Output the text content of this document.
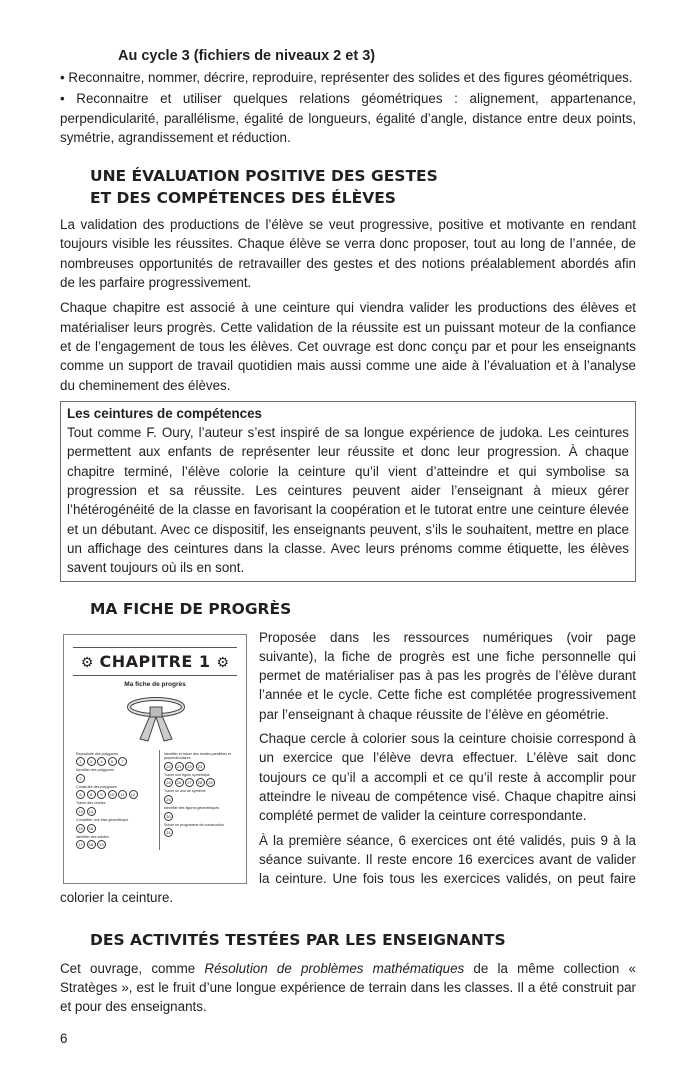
Au cycle 3 (fichiers de niveaux 2 et 3)

• Reconnaitre, nommer, décrire, reproduire, représenter des solides et des figures géométriques.

• Reconnaitre et utiliser quelques relations géométriques : alignement, appartenance, perpendicularité, parallélisme, égalité de longueurs, égalité d’angle, distance entre deux points, symétrie, agrandissement et réduction.

UNE ÉVALUATION POSITIVE DES GESTES
ET DES COMPÉTENCES DES ÉLÈVES

La validation des productions de l’élève se veut progressive, positive et motivante en rendant toujours visible les réussites. Chaque élève se verra donc proposer, tout au long de l’année, de nombreuses opportunités de retravailler des gestes et des notions préalablement abordés afin de les parfaire progressivement.

Chaque chapitre est associé à une ceinture qui viendra valider les productions des élèves et matérialiser leurs progrès. Cette validation de la réussite est un puissant moteur de la confiance et de l’engagement de tous les élèves. Cet ouvrage est donc conçu par et pour les enseignants comme un support de travail quotidien mais aussi comme une aide à l’évaluation et à l’analyse du cheminement des élèves.

Les ceintures de compétences

Tout comme F. Oury, l’auteur s’est inspiré de sa longue expérience de judoka. Les ceintures permettent aux enfants de représenter leur réussite et donc leur progression. À chaque chapitre terminé, l’élève colorie la ceinture qu’il vient d’atteindre et qui symbolise sa progression et sa réussite. Les ceintures peuvent aider l’enseignant à mieux gérer l’hétérogénéité de la classe en favorisant la coopération et le tutorat entre une ceinture élevée et un débutant. Avec ce dispositif, les enseignants peuvent, s’ils le souhaitent, mettre en place un affichage des ceintures dans la classe. Avec leurs prénoms comme étiquette, les élèves savent toujours où ils en sont.

MA FICHE DE PROGRÈS
⚙ CHAPITRE 1 ⚙
Ma fiche de progrès
Reproduire des polygones
1	3	4	5	7
Identifier des polygones
2
Construire des polygones
6	8	9	10	11	12
Tracer des cercles
13	14
Compléter une frise géométrique
15	16
Identifier des solides
17	18	19
Identifier et tracer des droites parallèles et perpendiculaires
20	21	22	23
Tracer une figure symétrique
24	25	27	28	29
Tracer un axe de symétrie
26
Identifier des figures géométriques
30
Suivre un programme de construction
31

Proposée dans les ressources numériques (voir page suivante), la fiche de progrès est une fiche personnelle qui permet de matérialiser pas à pas les progrès de l’élève durant l’année et le cycle. Cette fiche est complétée progressivement par l’enseignant à chaque réussite de l’élève en géométrie.

Chaque cercle à colorier sous la ceinture choisie correspond à un exercice que l’élève devra effectuer. L’élève sait donc toujours ce qu’il a accompli et ce qu’il reste à accomplir pour atteindre le niveau de compétence visé. Chaque chapitre ainsi complété permet de valider la ceinture correspondante.

À la première séance, 6 exercices ont été validés, puis 9 à la séance suivante. Il reste encore 16 exercices avant de valider la ceinture. Une fois tous les exercices validés, on peut faire colorier la ceinture.

DES ACTIVITÉS TESTÉES PAR LES ENSEIGNANTS

Cet ouvrage, comme Résolution de problèmes mathématiques de la même collection « Stratèges », est le fruit d’une longue expérience de terrain dans les classes. Il a été construit par et pour des enseignants.

6
